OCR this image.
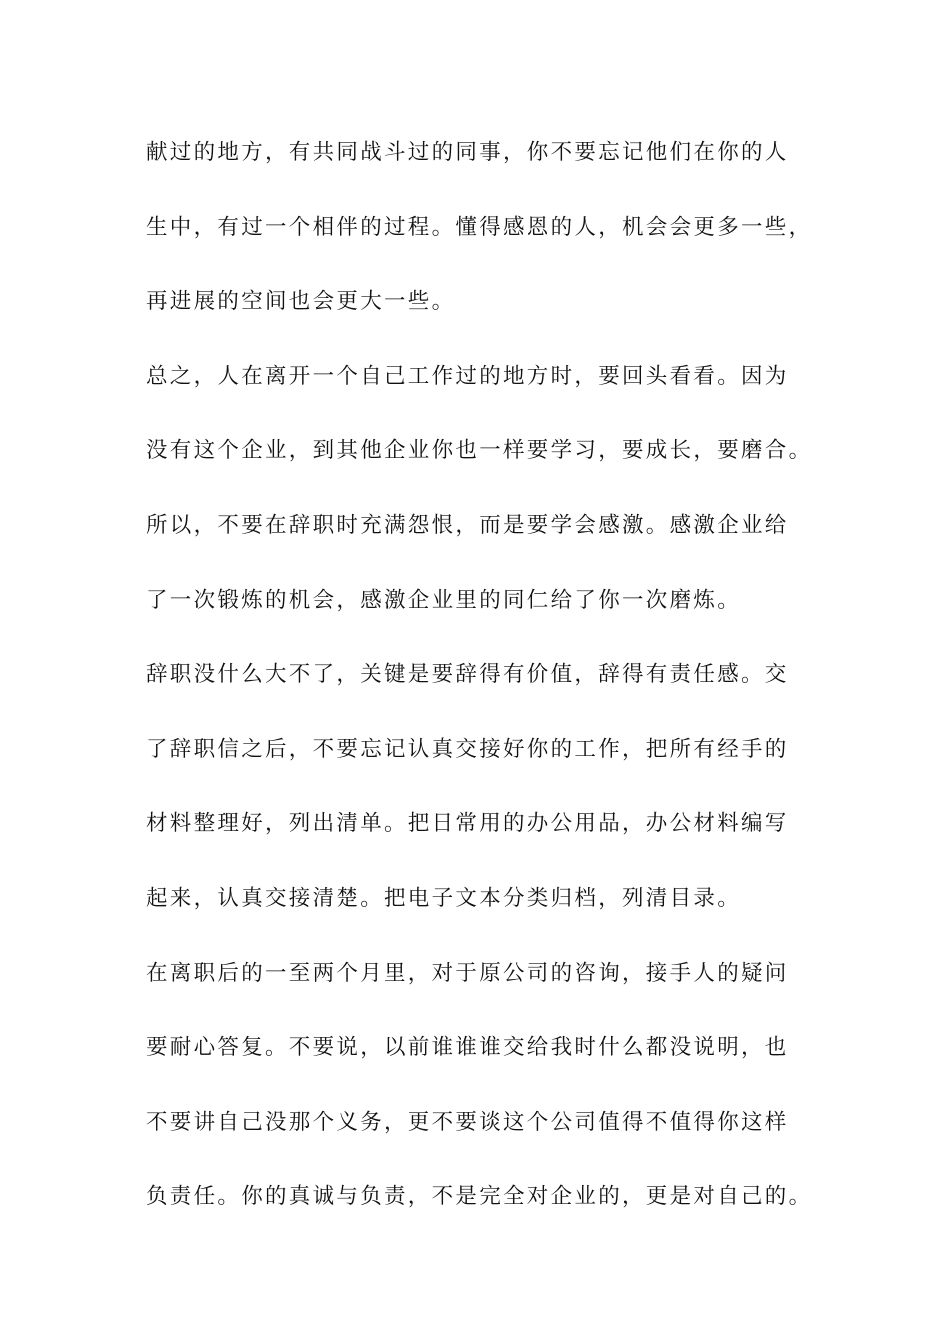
献过的地方，有共同战斗过的同事，你不要忘记他们在你的人
生中，有过一个相伴的过程。懂得感恩的人，机会会更多一些，
再进展的空间也会更大一些。
总之，人在离开一个自己工作过的地方时，要回头看看。因为
没有这个企业，到其他企业你也一样要学习，要成长，要磨合。
所以，不要在辞职时充满怨恨，而是要学会感激。感激企业给
了一次锻炼的机会，感激企业里的同仁给了你一次磨炼。
辞职没什么大不了，关键是要辞得有价值，辞得有责任感。交
了辞职信之后，不要忘记认真交接好你的工作，把所有经手的
材料整理好，列出清单。把日常用的办公用品，办公材料编写
起来，认真交接清楚。把电子文本分类归档，列清目录。
在离职后的一至两个月里，对于原公司的咨询，接手人的疑问
要耐心答复。不要说，以前谁谁谁交给我时什么都没说明，也
不要讲自己没那个义务，更不要谈这个公司值得不值得你这样
负责任。你的真诚与负责，不是完全对企业的，更是对自己的。
